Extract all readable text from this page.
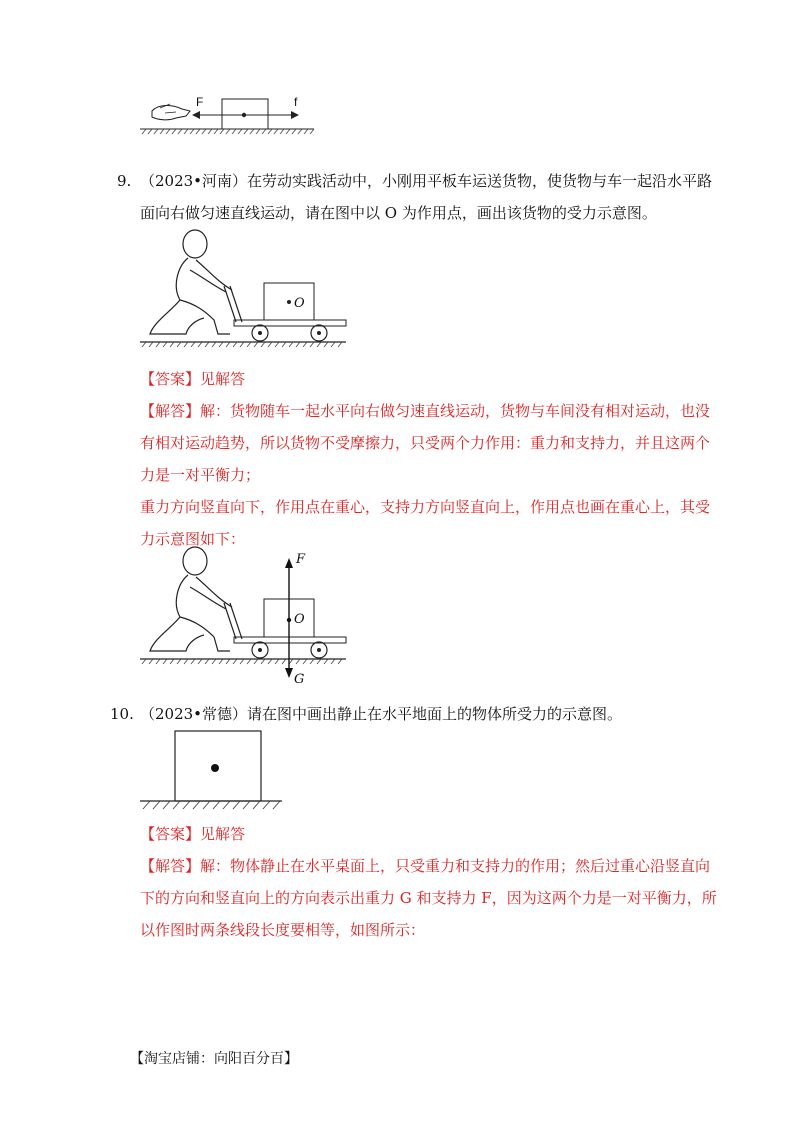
F	f
9. （2023•河南）在劳动实践活动中，小刚用平板车运送货物，使货物与车一起沿水平路
面向右做匀速直线运动，请在图中以 O 为作用点，画出该货物的受力示意图。
O
【答案】见解答
【解答】解：货物随车一起水平向右做匀速直线运动，货物与车间没有相对运动，也没
有相对运动趋势，所以货物不受摩擦力，只受两个力作用：重力和支持力，并且这两个
力是一对平衡力；
重力方向竖直向下，作用点在重心，支持力方向竖直向上，作用点也画在重心上，其受
力示意图如下：
F
O
G
10. （2023•常德）请在图中画出静止在水平地面上的物体所受力的示意图。
【答案】见解答
【解答】解：物体静止在水平桌面上，只受重力和支持力的作用；然后过重心沿竖直向
下的方向和竖直向上的方向表示出重力 G 和支持力 F，因为这两个力是一对平衡力，所
以作图时两条线段长度要相等，如图所示：
【淘宝店铺：向阳百分百】
